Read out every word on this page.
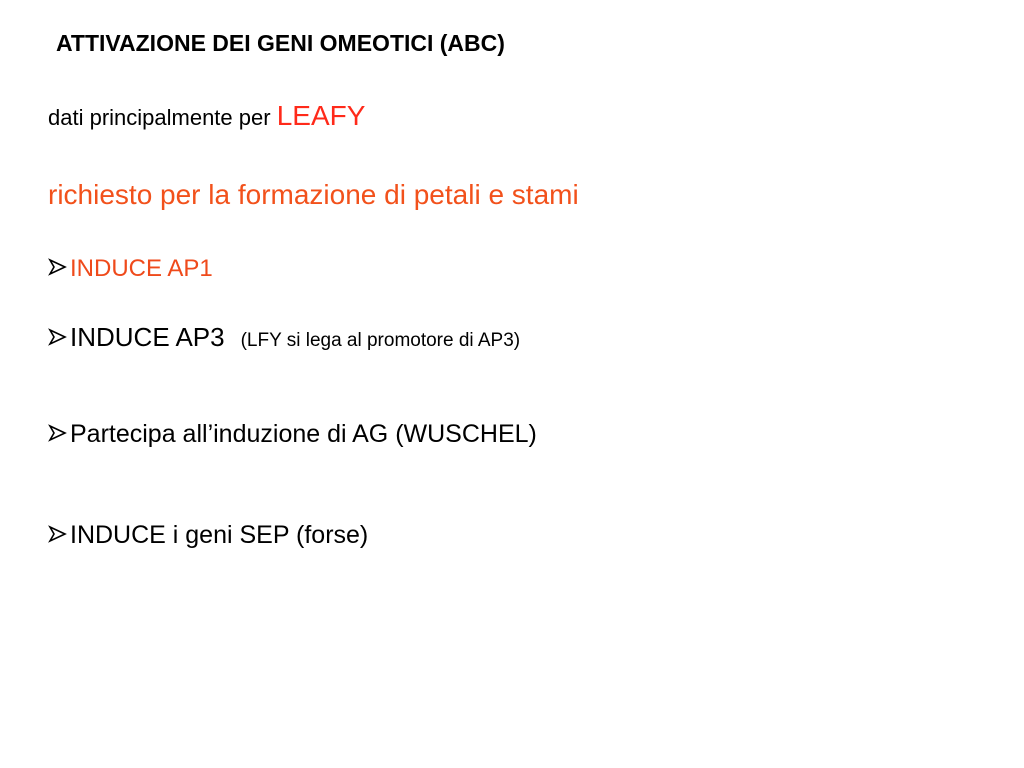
ATTIVAZIONE DEI GENI OMEOTICI (ABC)
dati principalmente per LEAFY
richiesto per la formazione di petali e stami
INDUCE AP1
INDUCE AP3 (LFY si lega al promotore di AP3)
Partecipa all’induzione di AG (WUSCHEL)
INDUCE i geni SEP (forse)
